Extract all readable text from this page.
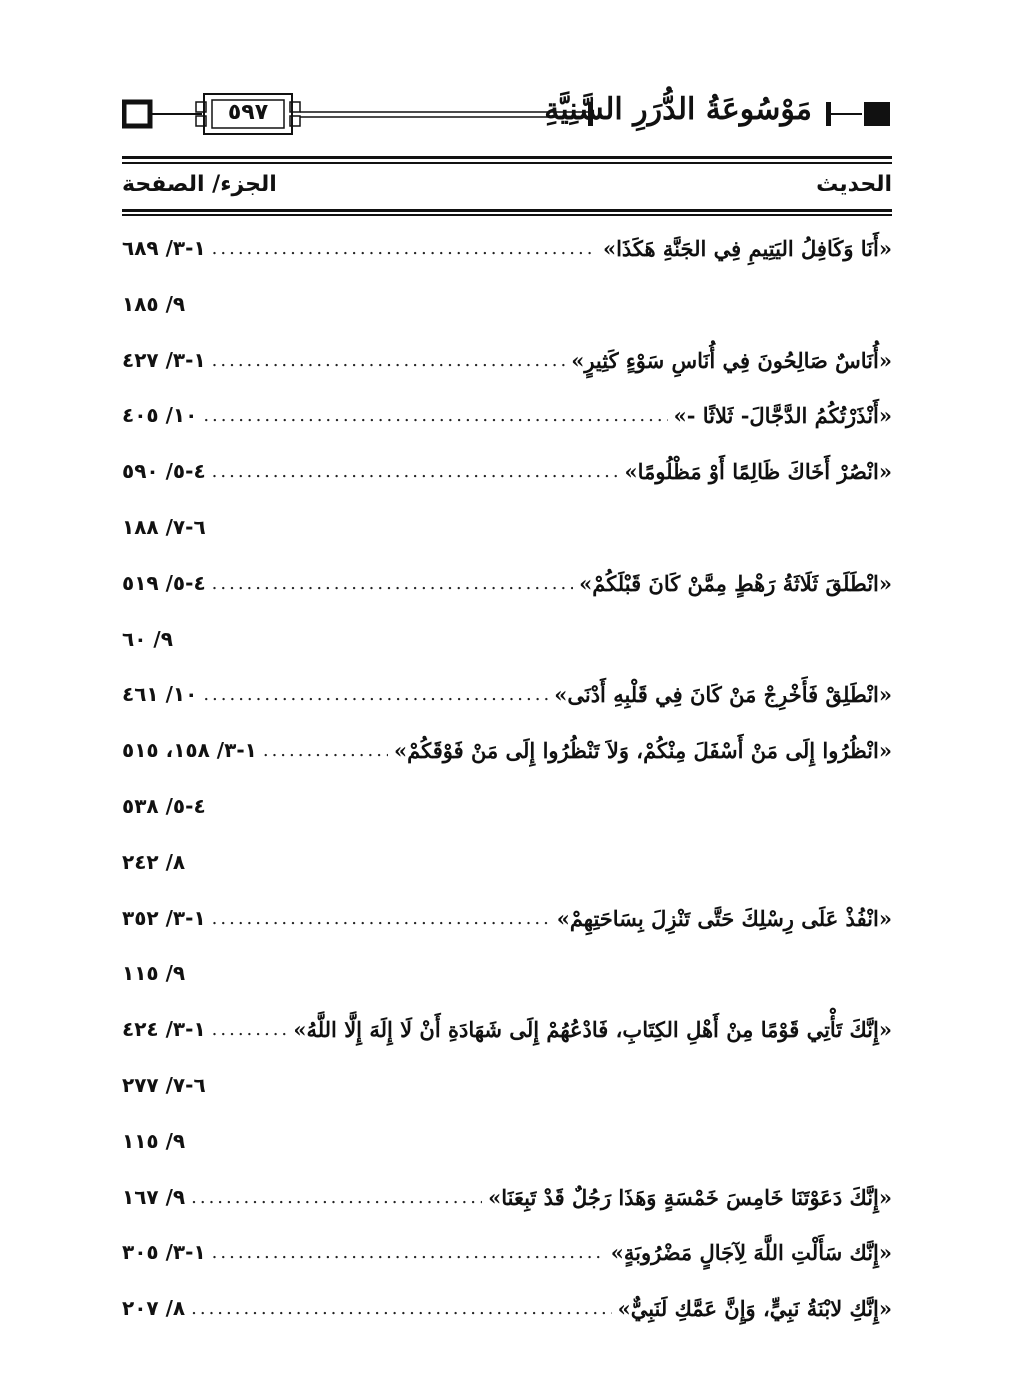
٥٩٧	مَوْسُوعَةُ الدُّرَرِ السَّنِيَّةِ
الحديث
الجزء/ الصفحة
«أَنَا وَكَافِلُ اليَتِيمِ فِي الجَنَّةِ هَكَذَا»
.....
١-٣/ ٦٨٩
٩/ ١٨٥
«أُنَاسٌ صَالِحُونَ فِي أُنَاسِ سَوْءٍ كَثِيرٍ»
.....
١-٣/ ٤٢٧
«أَنْذَرْتُكُمُ الدَّجَّالَ- ثَلاثًا -»
.....
١٠/ ٤٠٥
«انْصُرْ أَخَاكَ ظَالِمًا أَوْ مَظْلُومًا»
.....
٤-٥/ ٥٩٠
٦-٧/ ١٨٨
«انْطَلَقَ ثَلَاثَةُ رَهْطٍ مِمَّنْ كَانَ قَبْلَكُمْ»
.....
٤-٥/ ٥١٩
٩/ ٦٠
«انْطَلِقْ فَأَخْرِجْ مَنْ كَانَ فِي قَلْبِهِ أَدْنَى»
.....
١٠/ ٤٦١
«انْظُرُوا إِلَى مَنْ أَسْفَلَ مِنْكُمْ، وَلاَ تَنْظُرُوا إِلَى مَنْ فَوْقَكُمْ»
.....
١-٣/ ١٥٨، ٥١٥
٤-٥/ ٥٣٨
٨/ ٢٤٢
«انْفُذْ عَلَى رِسْلِكَ حَتَّى تَنْزِلَ بِسَاحَتِهِمْ»
.....
١-٣/ ٣٥٢
٩/ ١١٥
«إِنَّكَ تَأْتِي قَوْمًا مِنْ أَهْلِ الكِتَابِ، فَادْعُهُمْ إِلَى شَهَادَةِ أَنْ لَا إِلَهَ إِلَّا اللَّهُ»
.....
١-٣/ ٤٢٤
٦-٧/ ٢٧٧
٩/ ١١٥
«إِنَّكَ دَعَوْتَنَا خَامِسَ خَمْسَةٍ وَهَذَا رَجُلٌ قَدْ تَبِعَنَا»
.....
٩/ ١٦٧
«إِنَّك سَأَلْتِ اللَّهَ لِآجَالٍ مَضْرُوبَةٍ»
.....
١-٣/ ٣٠٥
«إِنَّكِ لابْنَةُ نَبِيٍّ، وَإِنَّ عَمَّكِ لَنَبِيٌّ»
.....
٨/ ٢٠٧
